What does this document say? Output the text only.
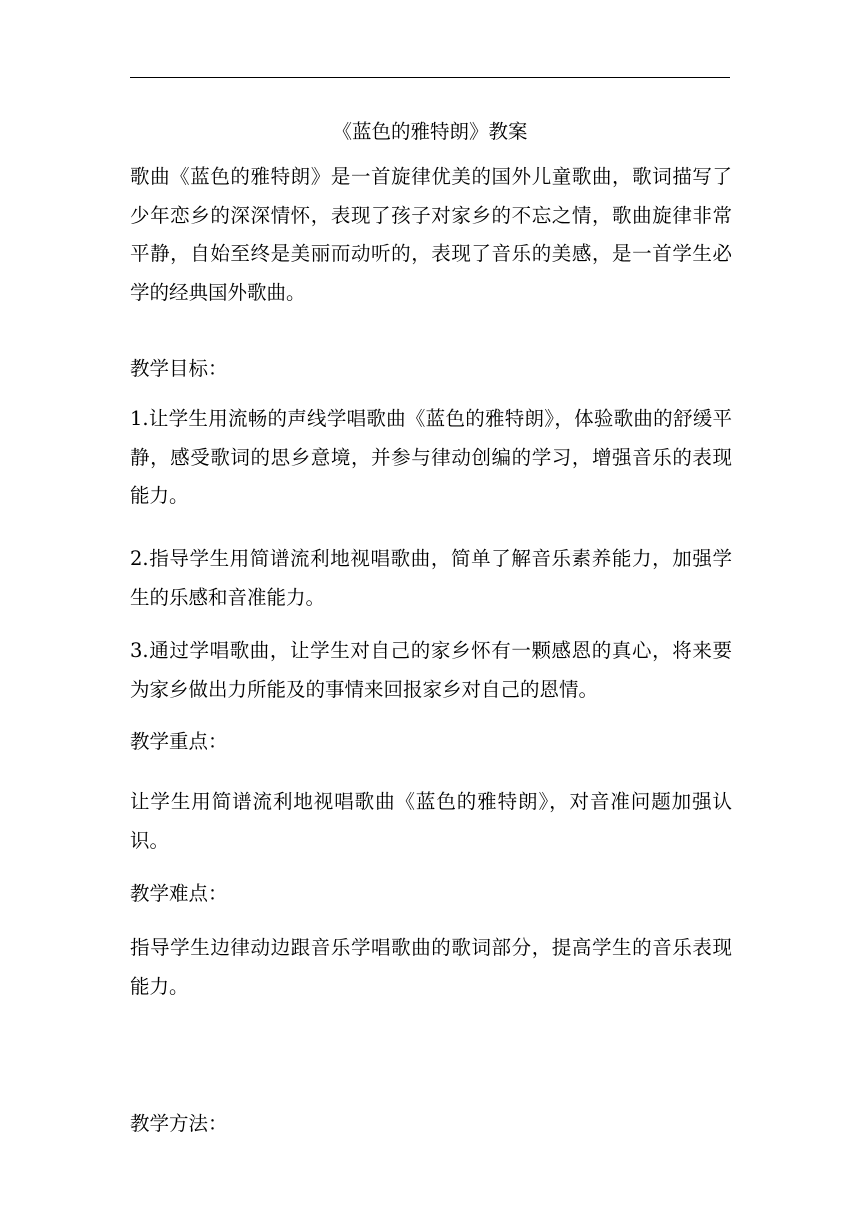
《蓝色的雅特朗》教案

歌曲《蓝色的雅特朗》是一首旋律优美的国外儿童歌曲，歌词描写了少年恋乡的深深情怀，表现了孩子对家乡的不忘之情，歌曲旋律非常平静，自始至终是美丽而动听的，表现了音乐的美感，是一首学生必学的经典国外歌曲。

教学目标：

1.让学生用流畅的声线学唱歌曲《蓝色的雅特朗》，体验歌曲的舒缓平静，感受歌词的思乡意境，并参与律动创编的学习，增强音乐的表现能力。

2.指导学生用简谱流利地视唱歌曲，简单了解音乐素养能力，加强学生的乐感和音准能力。

3.通过学唱歌曲，让学生对自己的家乡怀有一颗感恩的真心，将来要为家乡做出力所能及的事情来回报家乡对自己的恩情。

教学重点：

让学生用简谱流利地视唱歌曲《蓝色的雅特朗》，对音准问题加强认识。

教学难点：

指导学生边律动边跟音乐学唱歌曲的歌词部分，提高学生的音乐表现能力。

教学方法：
